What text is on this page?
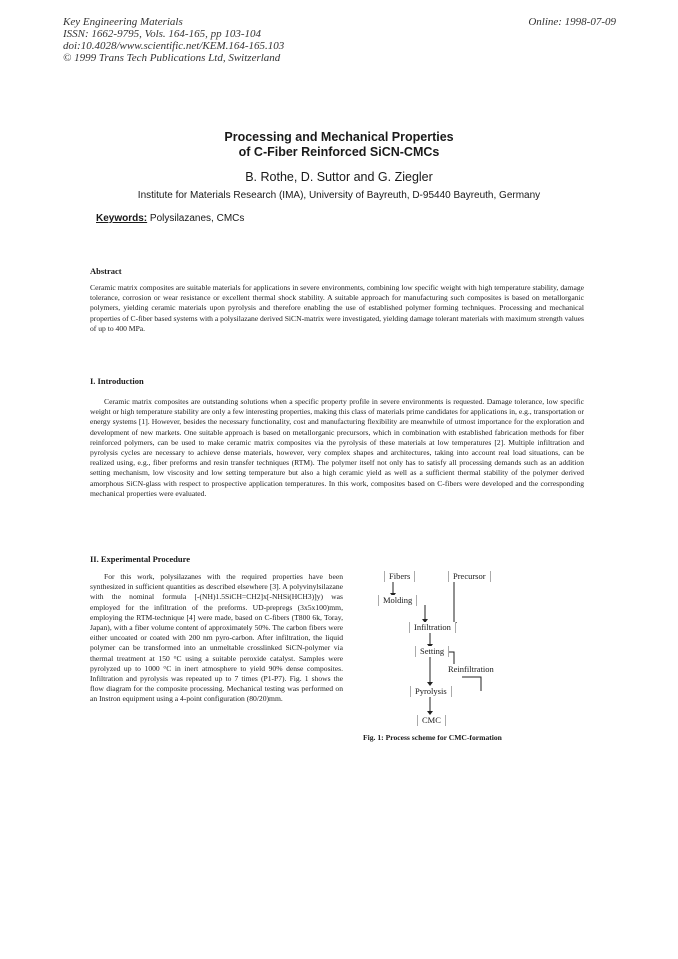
Key Engineering Materials
ISSN: 1662-9795, Vols. 164-165, pp 103-104
doi:10.4028/www.scientific.net/KEM.164-165.103
© 1999 Trans Tech Publications Ltd, Switzerland
Online: 1998-07-09
Processing and Mechanical Properties
of C-Fiber Reinforced SiCN-CMCs
B. Rothe, D. Suttor and G. Ziegler
Institute for Materials Research (IMA), University of Bayreuth, D-95440 Bayreuth, Germany
Keywords: Polysilazanes, CMCs
Abstract

Ceramic matrix composites are suitable materials for applications in severe environments, combining low specific weight with high temperature stability, damage tolerance, corrosion or wear resistance or excellent thermal shock stability. A suitable approach for manufacturing such composites is based on metallorganic polymers, yielding ceramic materials upon pyrolysis and therefore enabling the use of established polymer forming techniques. Processing and mechanical properties of C-fiber based systems with a polysilazane derived SiCN-matrix were investigated, yielding damage tolerant materials with maximum strength values of up to 400 MPa.

I. Introduction

Ceramic matrix composites are outstanding solutions when a specific property profile in severe environments is requested. Damage tolerance, low specific weight or high temperature stability are only a few interesting properties, making this class of materials prime candidates for applications in, e.g., transportation or energy systems [1]. However, besides the necessary functionality, cost and manufacturing flexibility are meanwhile of utmost importance for the exploration and development of new markets. One suitable approach is based on metallorganic precursors, which in combination with established fabrication methods for fiber reinforced polymers, can be used to make ceramic matrix composites via the pyrolysis of these materials at low temperatures [2]. Multiple infiltration and pyrolysis cycles are necessary to achieve dense materials, however, very complex shapes and architectures, taking into account real load situations, can be realized using, e.g., fiber preforms and resin transfer techniques (RTM). The polymer itself not only has to satisfy all processing demands such as an addition setting mechanism, low viscosity and low setting temperature but also a high ceramic yield as well as a sufficient thermal stability of the polymer derived amorphous SiCN-glass with respect to prospective application temperatures. In this work, composites based on C-fibers were developed and the corresponding mechanical properties were evaluated.

II. Experimental Procedure

For this work, polysilazanes with the required properties have been synthesized in sufficient quantities as described elsewhere [3]. A polyvinylsilazane with the nominal formula [-(NH)1.5SiCH=CH2]x[-NHSi(HCH3)]y) was employed for the infiltration of the preforms. UD-prepregs (3x5x100)mm, employing the RTM-technique [4] were made, based on C-fibers (T800 6k, Toray, Japan), with a fiber volume content of approximately 50%. The carbon fibers were either uncoated or coated with 200 nm pyro-carbon. After infiltration, the liquid polymer can be transformed into an unmeltable crosslinked SiCN-polymer via thermal treatment at 150 °C using a suitable peroxide catalyst. Samples were pyrolyzed up to 1000 °C in inert atmosphere to yield 90% dense composites. Infiltration and pyrolysis was repeated up to 7 times (P1-P7). Fig. 1 shows the flow diagram for the composite processing. Mechanical testing was performed on an Instron equipment using a 4-point configuration (80/20)mm.

Fibers	Precursor
Molding
Infiltration
Setting
Reinfiltration
Pyrolysis
CMC
Fig. 1: Process scheme for CMC-formation
